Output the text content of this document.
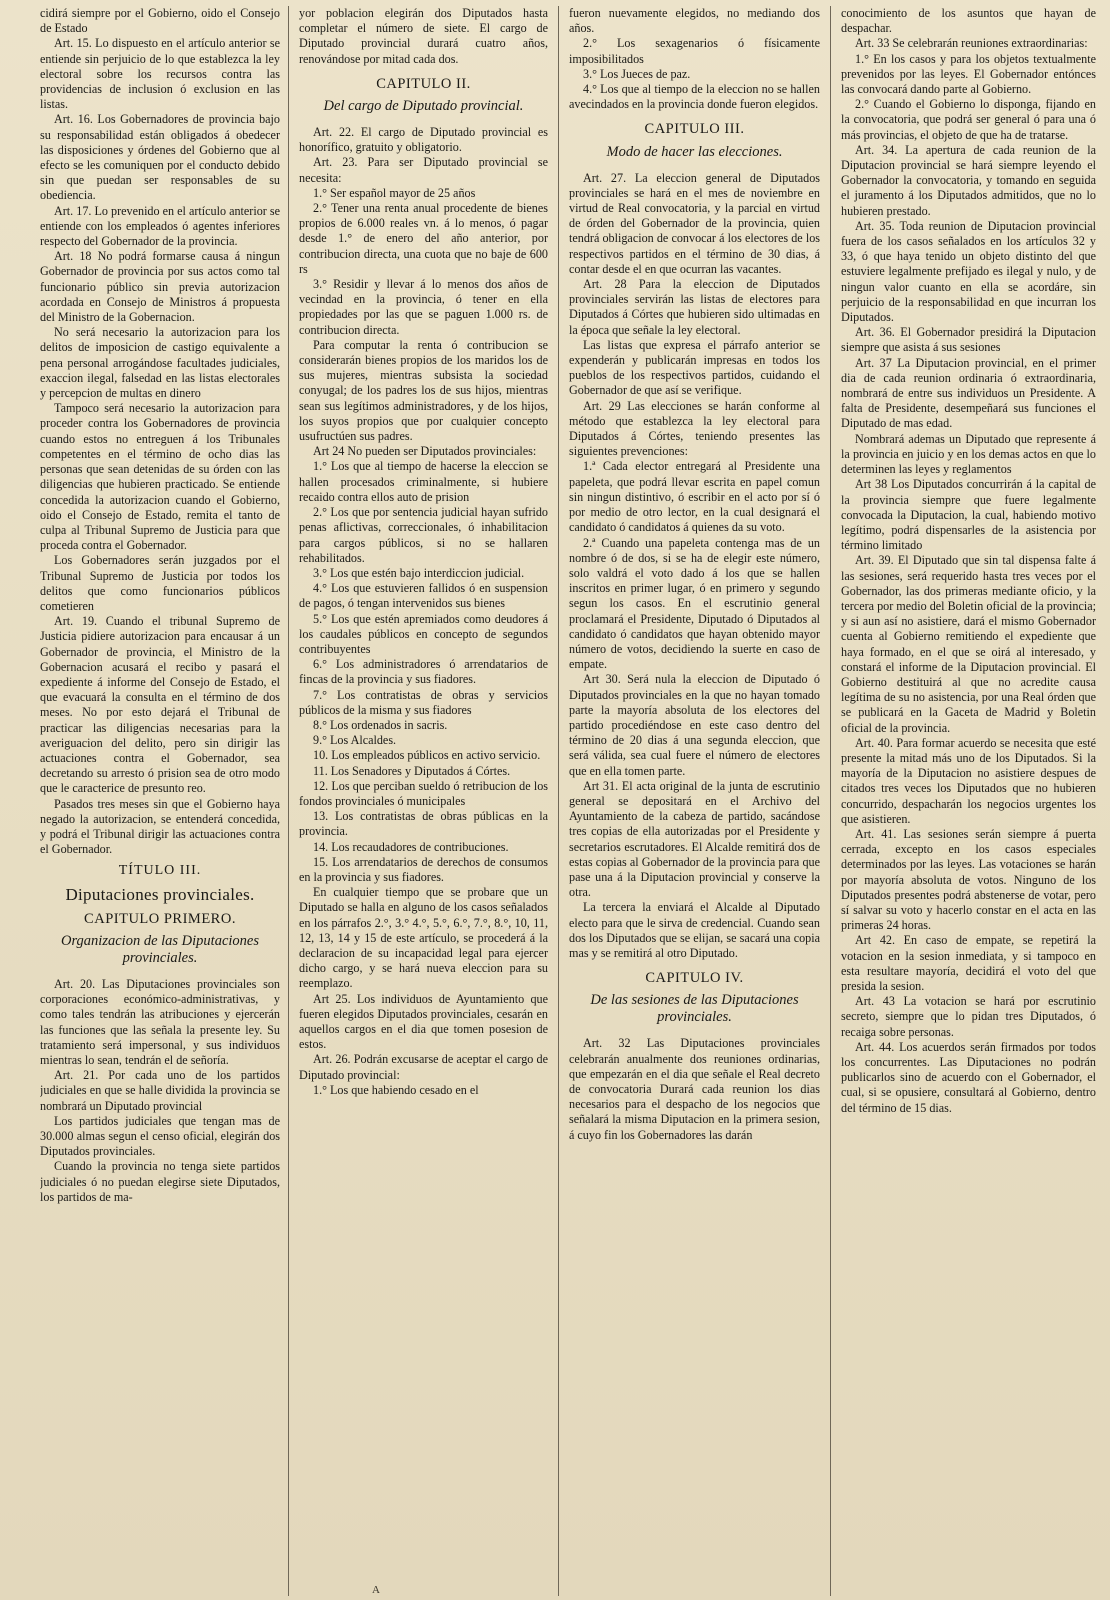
cidirá siempre por el Gobierno, oido el Consejo de Estado

Art. 15. Lo dispuesto en el artículo anterior se entiende sin perjuicio de lo que establezca la ley electoral sobre los recursos contra las providencias de inclusion ó exclusion en las listas.

Art. 16. Los Gobernadores de provincia bajo su responsabilidad están obligados á obedecer las disposiciones y órdenes del Gobierno que al efecto se les comuniquen por el conducto debido sin que puedan ser responsables de su obediencia.

Art. 17. Lo prevenido en el artículo anterior se entiende con los empleados ó agentes inferiores respecto del Gobernador de la provincia.

Art. 18 No podrá formarse causa á ningun Gobernador de provincia por sus actos como tal funcionario público sin previa autorizacion acordada en Consejo de Ministros á propuesta del Ministro de la Gobernacion.

No será necesario la autorizacion para los delitos de imposicion de castigo equivalente a pena personal arrogándose facultades judiciales, exaccion ilegal, falsedad en las listas electorales y percepcion de multas en dinero

Tampoco será necesario la autorizacion para proceder contra los Gobernadores de provincia cuando estos no entreguen á los Tribunales competentes en el término de ocho dias las personas que sean detenidas de su órden con las diligencias que hubieren practicado. Se entiende concedida la autorizacion cuando el Gobierno, oido el Consejo de Estado, remita el tanto de culpa al Tribunal Supremo de Justicia para que proceda contra el Gobernador.

Los Gobernadores serán juzgados por el Tribunal Supremo de Justicia por todos los delitos que como funcionarios públicos cometieren

Art. 19. Cuando el tribunal Supremo de Justicia pidiere autorizacion para encausar á un Gobernador de provincia, el Ministro de la Gobernacion acusará el recibo y pasará el expediente á informe del Consejo de Estado, el que evacuará la consulta en el término de dos meses. No por esto dejará el Tribunal de practicar las diligencias necesarias para la averiguacion del delito, pero sin dirigir las actuaciones contra el Gobernador, sea decretando su arresto ó prision sea de otro modo que le caracterice de presunto reo.

Pasados tres meses sin que el Gobierno haya negado la autorizacion, se entenderá concedida, y podrá el Tribunal dirigir las actuaciones contra el Gobernador.

TÍTULO III.
Diputaciones provinciales.
CAPITULO PRIMERO.
Organizacion de las Diputaciones provinciales.

Art. 20. Las Diputaciones provinciales son corporaciones económico-administrativas, y como tales tendrán las atribuciones y ejercerán las funciones que las señala la presente ley. Su tratamiento será impersonal, y sus individuos mientras lo sean, tendrán el de señoría.

Art. 21. Por cada uno de los partidos judiciales en que se halle dividida la provincia se nombrará un Diputado provincial

Los partidos judiciales que tengan mas de 30.000 almas segun el censo oficial, elegirán dos Diputados provinciales.

Cuando la provincia no tenga siete partidos judiciales ó no puedan elegirse siete Diputados, los partidos de ma-

yor poblacion elegirán dos Diputados hasta completar el número de siete. El cargo de Diputado provincial durará cuatro años, renovándose por mitad cada dos.

CAPITULO II.
Del cargo de Diputado provincial.

Art. 22. El cargo de Diputado provincial es honorífico, gratuito y obligatorio.

Art. 23. Para ser Diputado provincial se necesita:

1.° Ser español mayor de 25 años

2.° Tener una renta anual procedente de bienes propios de 6.000 reales vn. á lo menos, ó pagar desde 1.° de enero del año anterior, por contribucion directa, una cuota que no baje de 600 rs

3.° Residir y llevar á lo menos dos años de vecindad en la provincia, ó tener en ella propiedades por las que se paguen 1.000 rs. de contribucion directa.

Para computar la renta ó contribucion se considerarán bienes propios de los maridos los de sus mujeres, mientras subsista la sociedad conyugal; de los padres los de sus hijos, mientras sean sus legítimos administradores, y de los hijos, los suyos propios que por cualquier concepto usufructúen sus padres.

Art 24 No pueden ser Diputados provinciales:

1.° Los que al tiempo de hacerse la eleccion se hallen procesados criminalmente, si hubiere recaido contra ellos auto de prision

2.° Los que por sentencia judicial hayan sufrido penas aflictivas, correccionales, ó inhabilitacion para cargos públicos, si no se hallaren rehabilitados.

3.° Los que estén bajo interdiccion judicial.

4.° Los que estuvieren fallidos ó en suspension de pagos, ó tengan intervenidos sus bienes

5.° Los que estén apremiados como deudores á los caudales públicos en concepto de segundos contribuyentes

6.° Los administradores ó arrendatarios de fincas de la provincia y sus fiadores.

7.° Los contratistas de obras y servicios públicos de la misma y sus fiadores

8.° Los ordenados in sacris.

9.° Los Alcaldes.

10. Los empleados públicos en activo servicio.

11. Los Senadores y Diputados á Córtes.

12. Los que perciban sueldo ó retribucion de los fondos provinciales ó municipales

13. Los contratistas de obras públicas en la provincia.

14. Los recaudadores de contribuciones.

15. Los arrendatarios de derechos de consumos en la provincia y sus fiadores.

En cualquier tiempo que se probare que un Diputado se halla en alguno de los casos señalados en los párrafos 2.°, 3.° 4.°, 5.°, 6.°, 7.°, 8.°, 10, 11, 12, 13, 14 y 15 de este artículo, se procederá á la declaracion de su incapacidad legal para ejercer dicho cargo, y se hará nueva eleccion para su reemplazo.

Art 25. Los individuos de Ayuntamiento que fueren elegidos Diputados provinciales, cesarán en aquellos cargos en el dia que tomen posesion de estos.

Art. 26. Podrán excusarse de aceptar el cargo de Diputado provincial:

1.° Los que habiendo cesado en el

fueron nuevamente elegidos, no mediando dos años.

2.° Los sexagenarios ó físicamente imposibilitados

3.° Los Jueces de paz.

4.° Los que al tiempo de la eleccion no se hallen avecindados en la provincia donde fueron elegidos.

CAPITULO III.
Modo de hacer las elecciones.

Art. 27. La eleccion general de Diputados provinciales se hará en el mes de noviembre en virtud de Real convocatoria, y la parcial en virtud de órden del Gobernador de la provincia, quien tendrá obligacion de convocar á los electores de los respectivos partidos en el término de 30 dias, á contar desde el en que ocurran las vacantes.

Art. 28 Para la eleccion de Diputados provinciales servirán las listas de electores para Diputados á Córtes que hubieren sido ultimadas en la época que señale la ley electoral.

Las listas que expresa el párrafo anterior se expenderán y publicarán impresas en todos los pueblos de los respectivos partidos, cuidando el Gobernador de que así se verifique.

Art. 29 Las elecciones se harán conforme al método que establezca la ley electoral para Diputados á Córtes, teniendo presentes las siguientes prevenciones:

1.ª Cada elector entregará al Presidente una papeleta, que podrá llevar escrita en papel comun sin ningun distintivo, ó escribir en el acto por sí ó por medio de otro lector, en la cual designará el candidato ó candidatos á quienes da su voto.

2.ª Cuando una papeleta contenga mas de un nombre ó de dos, si se ha de elegir este número, solo valdrá el voto dado á los que se hallen inscritos en primer lugar, ó en primero y segundo segun los casos. En el escrutinio general proclamará el Presidente, Diputado ó Diputados al candidato ó candidatos que hayan obtenido mayor número de votos, decidiendo la suerte en caso de empate.

Art 30. Será nula la eleccion de Diputado ó Diputados provinciales en la que no hayan tomado parte la mayoría absoluta de los electores del partido procediéndose en este caso dentro del término de 20 dias á una segunda eleccion, que será válida, sea cual fuere el número de electores que en ella tomen parte.

Art 31. El acta original de la junta de escrutinio general se depositará en el Archivo del Ayuntamiento de la cabeza de partido, sacándose tres copias de ella autorizadas por el Presidente y secretarios escrutadores. El Alcalde remitirá dos de estas copias al Gobernador de la provincia para que pase una á la Diputacion provincial y conserve la otra.

La tercera la enviará el Alcalde al Diputado electo para que le sirva de credencial. Cuando sean dos los Diputados que se elijan, se sacará una copia mas y se remitirá al otro Diputado.

CAPITULO IV.
De las sesiones de las Diputaciones provinciales.

Art. 32 Las Diputaciones provinciales celebrarán anualmente dos reuniones ordinarias, que empezarán en el dia que señale el Real decreto de convocatoria Durará cada reunion los dias necesarios para el despacho de los negocios que señalará la misma Diputacion en la primera sesion, á cuyo fin los Gobernadores las darán

conocimiento de los asuntos que hayan de despachar.

Art. 33 Se celebrarán reuniones extraordinarias:

1.° En los casos y para los objetos textualmente prevenidos por las leyes. El Gobernador entónces las convocará dando parte al Gobierno.

2.° Cuando el Gobierno lo disponga, fijando en la convocatoria, que podrá ser general ó para una ó más provincias, el objeto de que ha de tratarse.

Art. 34. La apertura de cada reunion de la Diputacion provincial se hará siempre leyendo el Gobernador la convocatoria, y tomando en seguida el juramento á los Diputados admitidos, que no lo hubieren prestado.

Art. 35. Toda reunion de Diputacion provincial fuera de los casos señalados en los artículos 32 y 33, ó que haya tenido un objeto distinto del que estuviere legalmente prefijado es ilegal y nulo, y de ningun valor cuanto en ella se acordáre, sin perjuicio de la responsabilidad en que incurran los Diputados.

Art. 36. El Gobernador presidirá la Diputacion siempre que asista á sus sesiones

Art. 37 La Diputacion provincial, en el primer dia de cada reunion ordinaria ó extraordinaria, nombrará de entre sus individuos un Presidente. A falta de Presidente, desempeñará sus funciones el Diputado de mas edad.

Nombrará ademas un Diputado que represente á la provincia en juicio y en los demas actos en que lo determinen las leyes y reglamentos

Art 38 Los Diputados concurrirán á la capital de la provincia siempre que fuere legalmente convocada la Diputacion, la cual, habiendo motivo legítimo, podrá dispensarles de la asistencia por término limitado

Art. 39. El Diputado que sin tal dispensa falte á las sesiones, será requerido hasta tres veces por el Gobernador, las dos primeras mediante oficio, y la tercera por medio del Boletin oficial de la provincia; y si aun así no asistiere, dará el mismo Gobernador cuenta al Gobierno remitiendo el expediente que haya formado, en el que se oirá al interesado, y constará el informe de la Diputacion provincial. El Gobierno destituirá al que no acredite causa legítima de su no asistencia, por una Real órden que se publicará en la Gaceta de Madrid y Boletin oficial de la provincia.

Art. 40. Para formar acuerdo se necesita que esté presente la mitad más uno de los Diputados. Si la mayoría de la Diputacion no asistiere despues de citados tres veces los Diputados que no hubieren concurrido, despacharán los negocios urgentes los que asistieren.

Art. 41. Las sesiones serán siempre á puerta cerrada, excepto en los casos especiales determinados por las leyes. Las votaciones se harán por mayoría absoluta de votos. Ninguno de los Diputados presentes podrá abstenerse de votar, pero sí salvar su voto y hacerlo constar en el acta en las primeras 24 horas.

Art 42. En caso de empate, se repetirá la votacion en la sesion inmediata, y si tampoco en esta resultare mayoría, decidirá el voto del que presida la sesion.

Art. 43 La votacion se hará por escrutinio secreto, siempre que lo pidan tres Diputados, ó recaiga sobre personas.

Art. 44. Los acuerdos serán firmados por todos los concurrentes. Las Diputaciones no podrán publicarlos sino de acuerdo con el Gobernador, el cual, si se opusiere, consultará al Gobierno, dentro del término de 15 dias.

A
